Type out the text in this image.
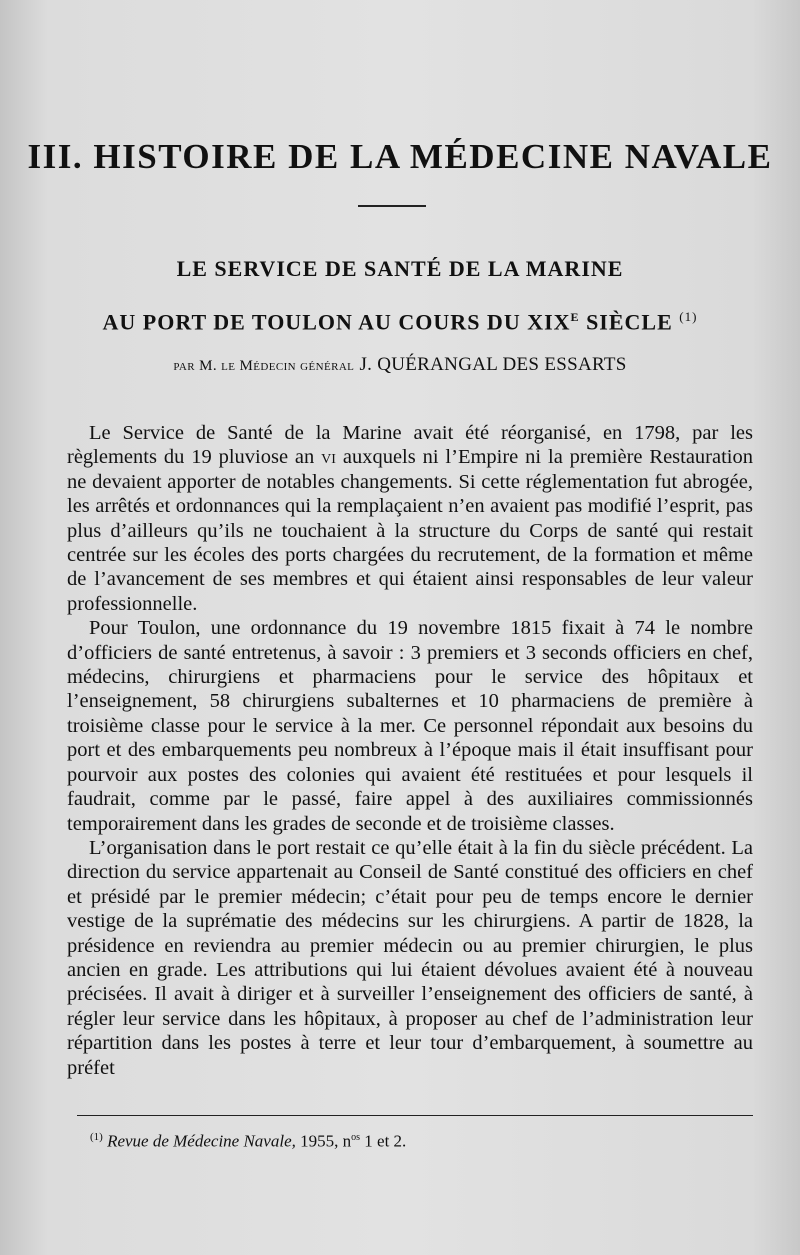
III. HISTOIRE DE LA MÉDECINE NAVALE
LE SERVICE DE SANTÉ DE LA MARINE
AU PORT DE TOULON AU COURS DU $XIX^E$ SIÈCLE $^{(1)}$

par M. le Médecin général J. QUÉRANGAL DES ESSARTS

Le Service de Santé de la Marine avait été réorganisé, en 1798, par les règlements du 19 pluviose an vi auxquels ni l’Empire ni la première Restauration ne devaient apporter de notables changements. Si cette réglementation fut abrogée, les arrêtés et ordonnances qui la remplaçaient n’en avaient pas modifié l’esprit, pas plus d’ailleurs qu’ils ne touchaient à la structure du Corps de santé qui restait centrée sur les écoles des ports chargées du recrutement, de la formation et même de l’avancement de ses membres et qui étaient ainsi responsables de leur valeur professionnelle.

Pour Toulon, une ordonnance du 19 novembre 1815 fixait à 74 le nombre d’officiers de santé entretenus, à savoir : 3 premiers et 3 seconds officiers en chef, médecins, chirurgiens et pharmaciens pour le service des hôpitaux et l’enseignement, 58 chirurgiens subalternes et 10 pharmaciens de première à troisième classe pour le service à la mer. Ce personnel répondait aux besoins du port et des embarquements peu nombreux à l’époque mais il était insuffisant pour pourvoir aux postes des colonies qui avaient été restituées et pour lesquels il faudrait, comme par le passé, faire appel à des auxiliaires commissionnés temporairement dans les grades de seconde et de troisième classes.

L’organisation dans le port restait ce qu’elle était à la fin du siècle précédent. La direction du service appartenait au Conseil de Santé constitué des officiers en chef et présidé par le premier médecin; c’était pour peu de temps encore le dernier vestige de la suprématie des médecins sur les chirurgiens. A partir de 1828, la présidence en reviendra au premier médecin ou au premier chirurgien, le plus ancien en grade. Les attributions qui lui étaient dévolues avaient été à nouveau précisées. Il avait à diriger et à surveiller l’enseignement des officiers de santé, à régler leur service dans les hôpitaux, à proposer au chef de l’administration leur répartition dans les postes à terre et leur tour d’embarquement, à soumettre au préfet

$^{(1)}$ Revue de Médecine Navale, 1955, $n^{os}$ 1 et 2.
